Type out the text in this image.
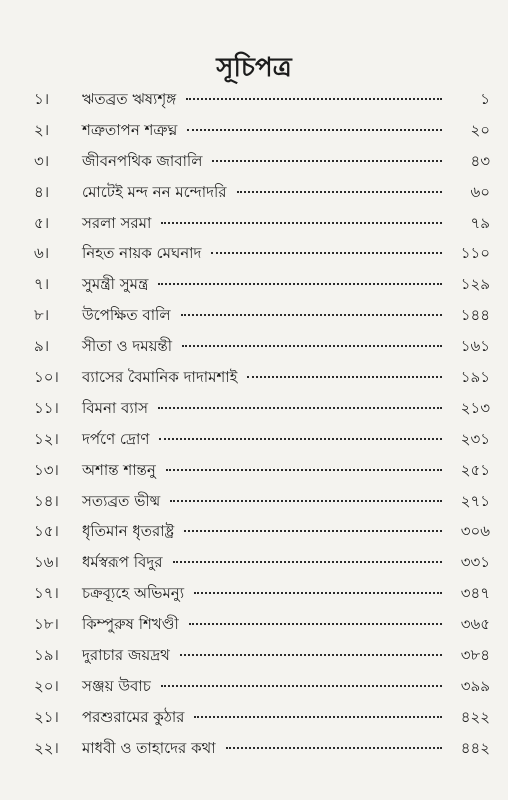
সূচিপত্র
১।	ঋতব্রত ঋষ্যশৃঙ্গ	১
২।	শত্রুতাপন শত্রুঘ্ন	২০
৩।	জীবনপথিক জাবালি	৪৩
৪।	মোটেই মন্দ নন মন্দোদরি	৬০
৫।	সরলা সরমা	৭৯
৬।	নিহত নায়ক মেঘনাদ	১১০
৭।	সুমন্ত্রী সুমন্ত্র	১২৯
৮।	উপেক্ষিত বালি	১৪৪
৯।	সীতা ও দময়ন্তী	১৬১
১০।	ব্যাসের বৈমানিক দাদামশাই	১৯১
১১।	বিমনা ব্যাস	২১৩
১২।	দর্পণে দ্রোণ	২৩১
১৩।	অশান্ত শান্তনু	২৫১
১৪।	সত্যব্রত ভীষ্ম	২৭১
১৫।	ধৃতিমান ধৃতরাষ্ট্র	৩০৬
১৬।	ধর্মস্বরূপ বিদুর	৩৩১
১৭।	চক্রব্যূহে অভিমন্যু	৩৪৭
১৮।	কিম্পুরুষ শিখণ্ডী	৩৬৫
১৯।	দুরাচার জয়দ্রথ	৩৮৪
২০।	সঞ্জয় উবাচ	৩৯৯
২১।	পরশুরামের কুঠার	৪২২
২২।	মাধবী ও তাহাদের কথা	৪৪২
